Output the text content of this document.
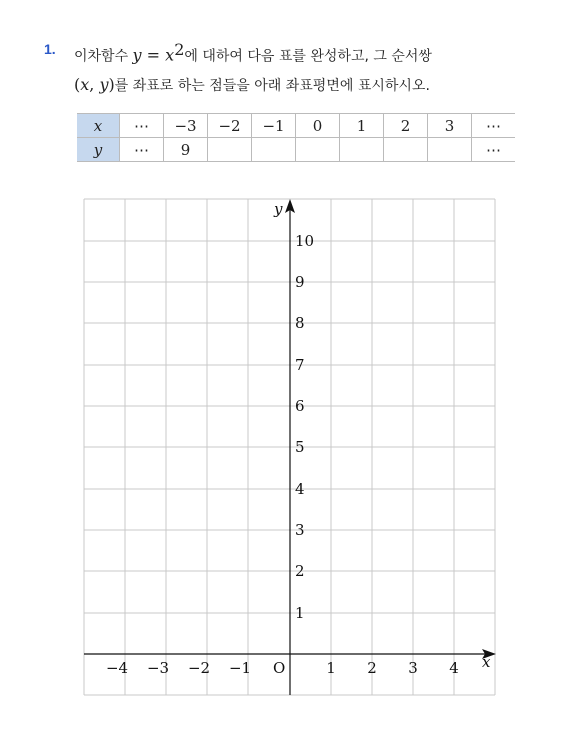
1. 이차함수 $y = x^2$에 대하여 다음 표를 완성하고, 그 순서쌍
(x, y)를 좌표로 하는 점들을 아래 좌표평면에 표시하시오.
x	⋯	−3	−2	−1	0	1	2	3	⋯
y	⋯	9							⋯
y
x
O
−4 −3 −2 −1	1 2 3 4
1
2
3
4
5
6
7
8
9
10
